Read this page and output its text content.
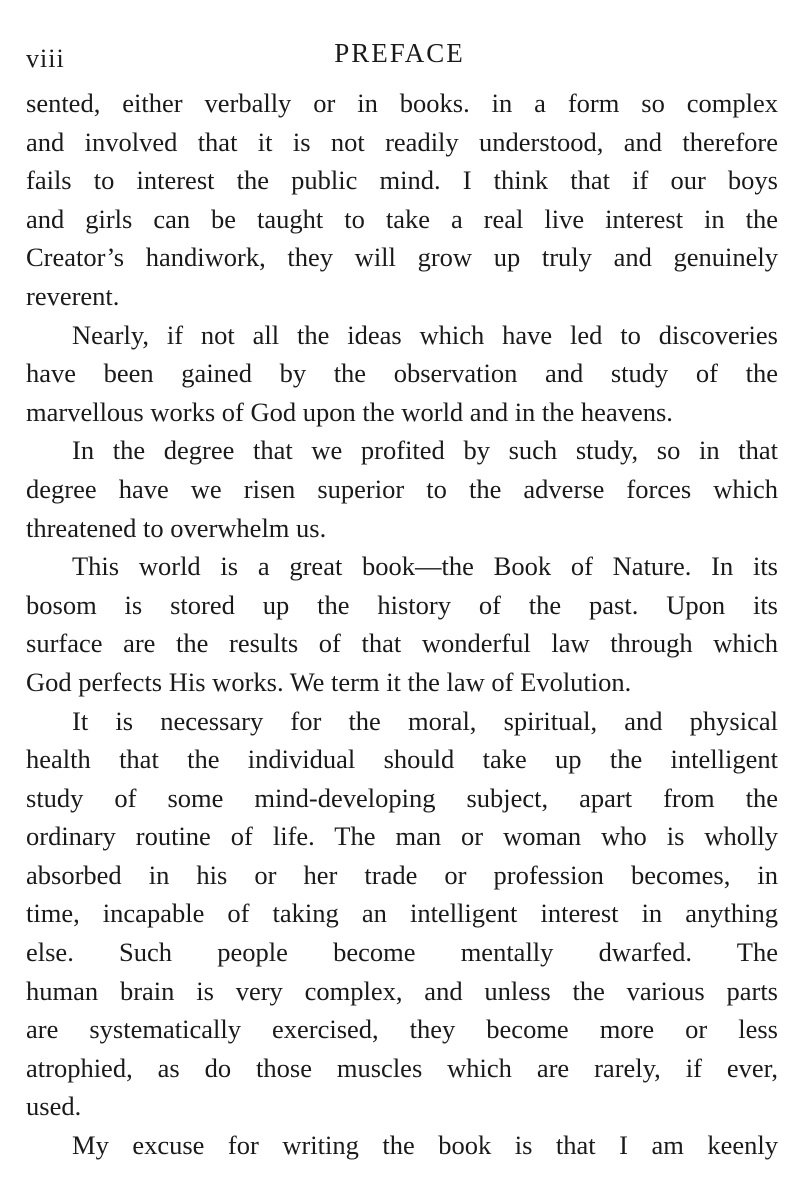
viii	PREFACE

sented, either verbally or in books. in a form so complex
and involved that it is not readily understood, and therefore
fails to interest the public mind. I think that if our boys
and girls can be taught to take a real live interest in the
Creator’s handiwork, they will grow up truly and genuinely
reverent.

Nearly, if not all the ideas which have led to discoveries
have been gained by the observation and study of the
marvellous works of God upon the world and in the heavens.

In the degree that we profited by such study, so in that
degree have we risen superior to the adverse forces which
threatened to overwhelm us.

This world is a great book—the Book of Nature. In its
bosom is stored up the history of the past. Upon its
surface are the results of that wonderful law through which
God perfects His works. We term it the law of Evolution.

It is necessary for the moral, spiritual, and physical
health that the individual should take up the intelligent
study of some mind-developing subject, apart from the
ordinary routine of life. The man or woman who is wholly
absorbed in his or her trade or profession becomes, in
time, incapable of taking an intelligent interest in anything
else. Such people become mentally dwarfed. The
human brain is very complex, and unless the various parts
are systematically exercised, they become more or less
atrophied, as do those muscles which are rarely, if ever,
used.

My excuse for writing the book is that I am keenly
